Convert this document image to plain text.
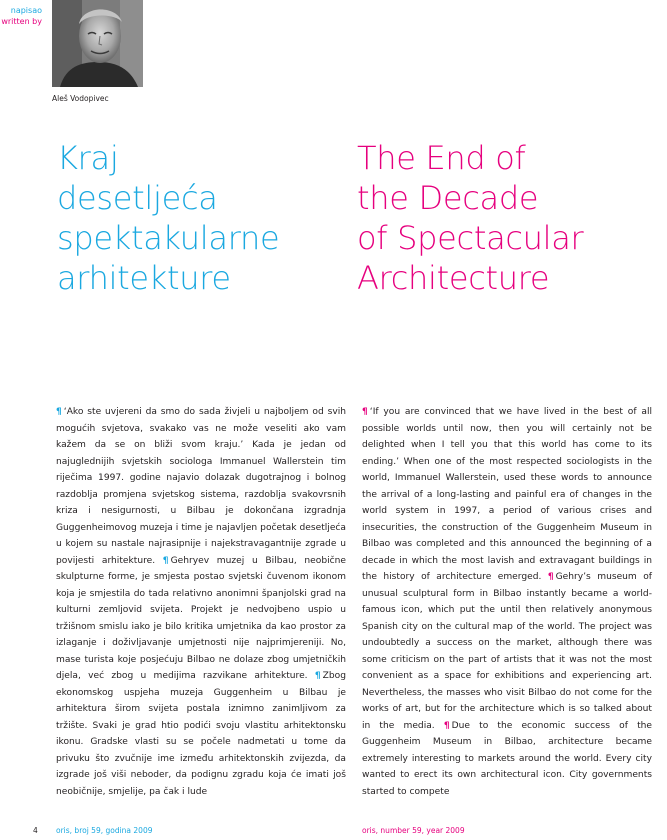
napisao
written by
Aleš Vodopivec
Kraj
desetljeća
spektakularne
arhitekture
The End of
the Decade
of Spectacular
Architecture
¶ ‘Ako ste uvjereni da smo do sada živjeli u najboljem od svih mogućih svjetova, svakako vas ne može veseliti ako vam kažem da se on bliži svom kraju.’ Kada je jedan od najuglednijih svjetskih sociologa Immanuel Wallerstein tim riječima 1997. godine najavio dolazak dugotrajnog i bolnog razdoblja promjena svjetskog sistema, razdoblja svakovrsnih kriza i nesigurnosti, u Bilbau je dokončana izgradnja Guggenheimovog muzeja i time je najavljen početak desetljeća u kojem su nastale najrasipnije i najekstravagantnije zgrade u povijesti arhitekture. ¶ Gehryev muzej u Bilbau, neobične skulpturne forme, je smjesta postao svjetski čuvenom ikonom koja je smjestila do tada relativno anonimni španjolski grad na kulturni zemljovid svijeta. Projekt je nedvojbeno uspio u tržišnom smislu iako je bilo kritika umjetnika da kao prostor za izlaganje i doživljavanje umjetnosti nije najprimjereniji. No, mase turista koje posjećuju Bilbao ne dolaze zbog umjetničkih djela, već zbog u medijima razvikane arhitekture. ¶ Zbog ekonomskog uspjeha muzeja Guggenheim u Bilbau je arhitektura širom svijeta postala iznimno zanimljivom za tržište. Svaki je grad htio podići svoju vlastitu arhitektonsku ikonu. Gradske vlasti su se počele nadmetati u tome da privuku što zvučnije ime između arhitektonskih zvijezda, da izgrade još viši neboder, da podignu zgradu koja će imati još neobičnije, smjelije, pa čak i lude

¶ ‘If you are convinced that we have lived in the best of all possible worlds until now, then you will certainly not be delighted when I tell you that this world has come to its ending.’ When one of the most respected sociologists in the world, Immanuel Wallerstein, used these words to announce the arrival of a long-lasting and painful era of changes in the world system in 1997, a period of various crises and insecurities, the construction of the Guggenheim Museum in Bilbao was completed and this announced the beginning of a decade in which the most lavish and extravagant buildings in the history of architecture emerged. ¶ Gehry’s museum of unusual sculptural form in Bilbao instantly became a world-famous icon, which put the until then relatively anonymous Spanish city on the cultural map of the world. The project was undoubtedly a success on the market, although there was some criticism on the part of artists that it was not the most convenient as a space for exhibitions and experiencing art. Nevertheless, the masses who visit Bilbao do not come for the works of art, but for the architecture which is so talked about in the media. ¶ Due to the economic success of the Guggenheim Museum in Bilbao, architecture became extremely interesting to markets around the world. Every city wanted to erect its own architectural icon. City governments started to compete

4 oris, broj 59, godina 2009	oris, number 59, year 2009
